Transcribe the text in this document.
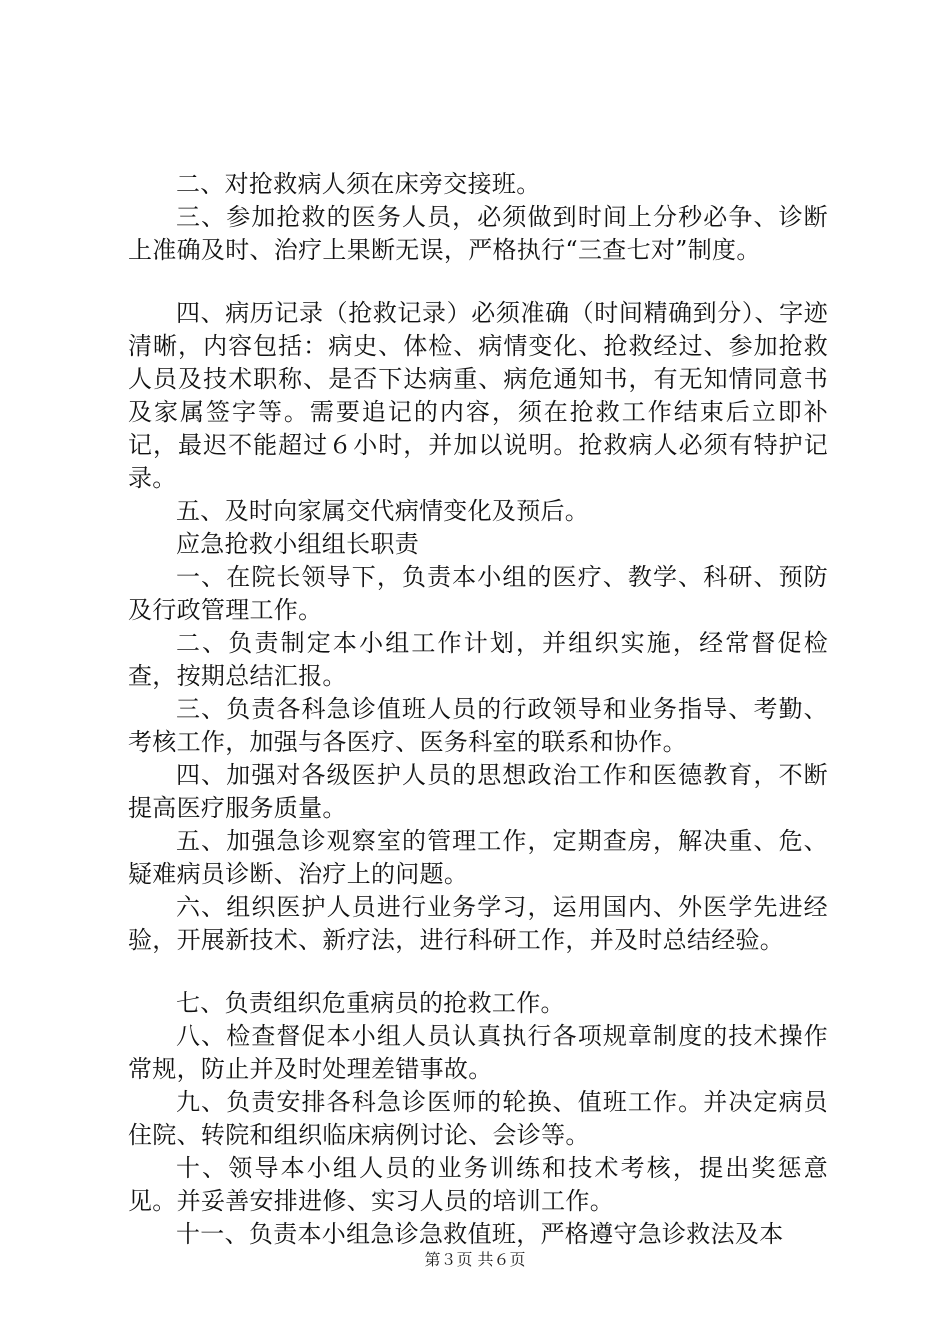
二、对抢救病人须在床旁交接班。

三、参加抢救的医务人员，必须做到时间上分秒必争、诊断上准确及时、治疗上果断无误，严格执行“三查七对”制度。

四、病历记录（抢救记录）必须准确（时间精确到分）、字迹清晰，内容包括：病史、体检、病情变化、抢救经过、参加抢救人员及技术职称、是否下达病重、病危通知书，有无知情同意书及家属签字等。需要追记的内容，须在抢救工作结束后立即补记，最迟不能超过６小时，并加以说明。抢救病人必须有特护记录。

五、及时向家属交代病情变化及预后。

应急抢救小组组长职责

一、在院长领导下，负责本小组的医疗、教学、科研、预防及行政管理工作。

二、负责制定本小组工作计划，并组织实施，经常督促检查，按期总结汇报。

三、负责各科急诊值班人员的行政领导和业务指导、考勤、考核工作，加强与各医疗、医务科室的联系和协作。

四、加强对各级医护人员的思想政治工作和医德教育，不断提高医疗服务质量。

五、加强急诊观察室的管理工作，定期查房，解决重、危、疑难病员诊断、治疗上的问题。

六、组织医护人员进行业务学习，运用国内、外医学先进经验，开展新技术、新疗法，进行科研工作，并及时总结经验。

七、负责组织危重病员的抢救工作。

八、检查督促本小组人员认真执行各项规章制度的技术操作常规，防止并及时处理差错事故。

九、负责安排各科急诊医师的轮换、值班工作。并决定病员住院、转院和组织临床病例讨论、会诊等。

十、领导本小组人员的业务训练和技术考核，提出奖惩意见。并妥善安排进修、实习人员的培训工作。

十一、负责本小组急诊急救值班，严格遵守急诊救法及本

第３页 共６页
